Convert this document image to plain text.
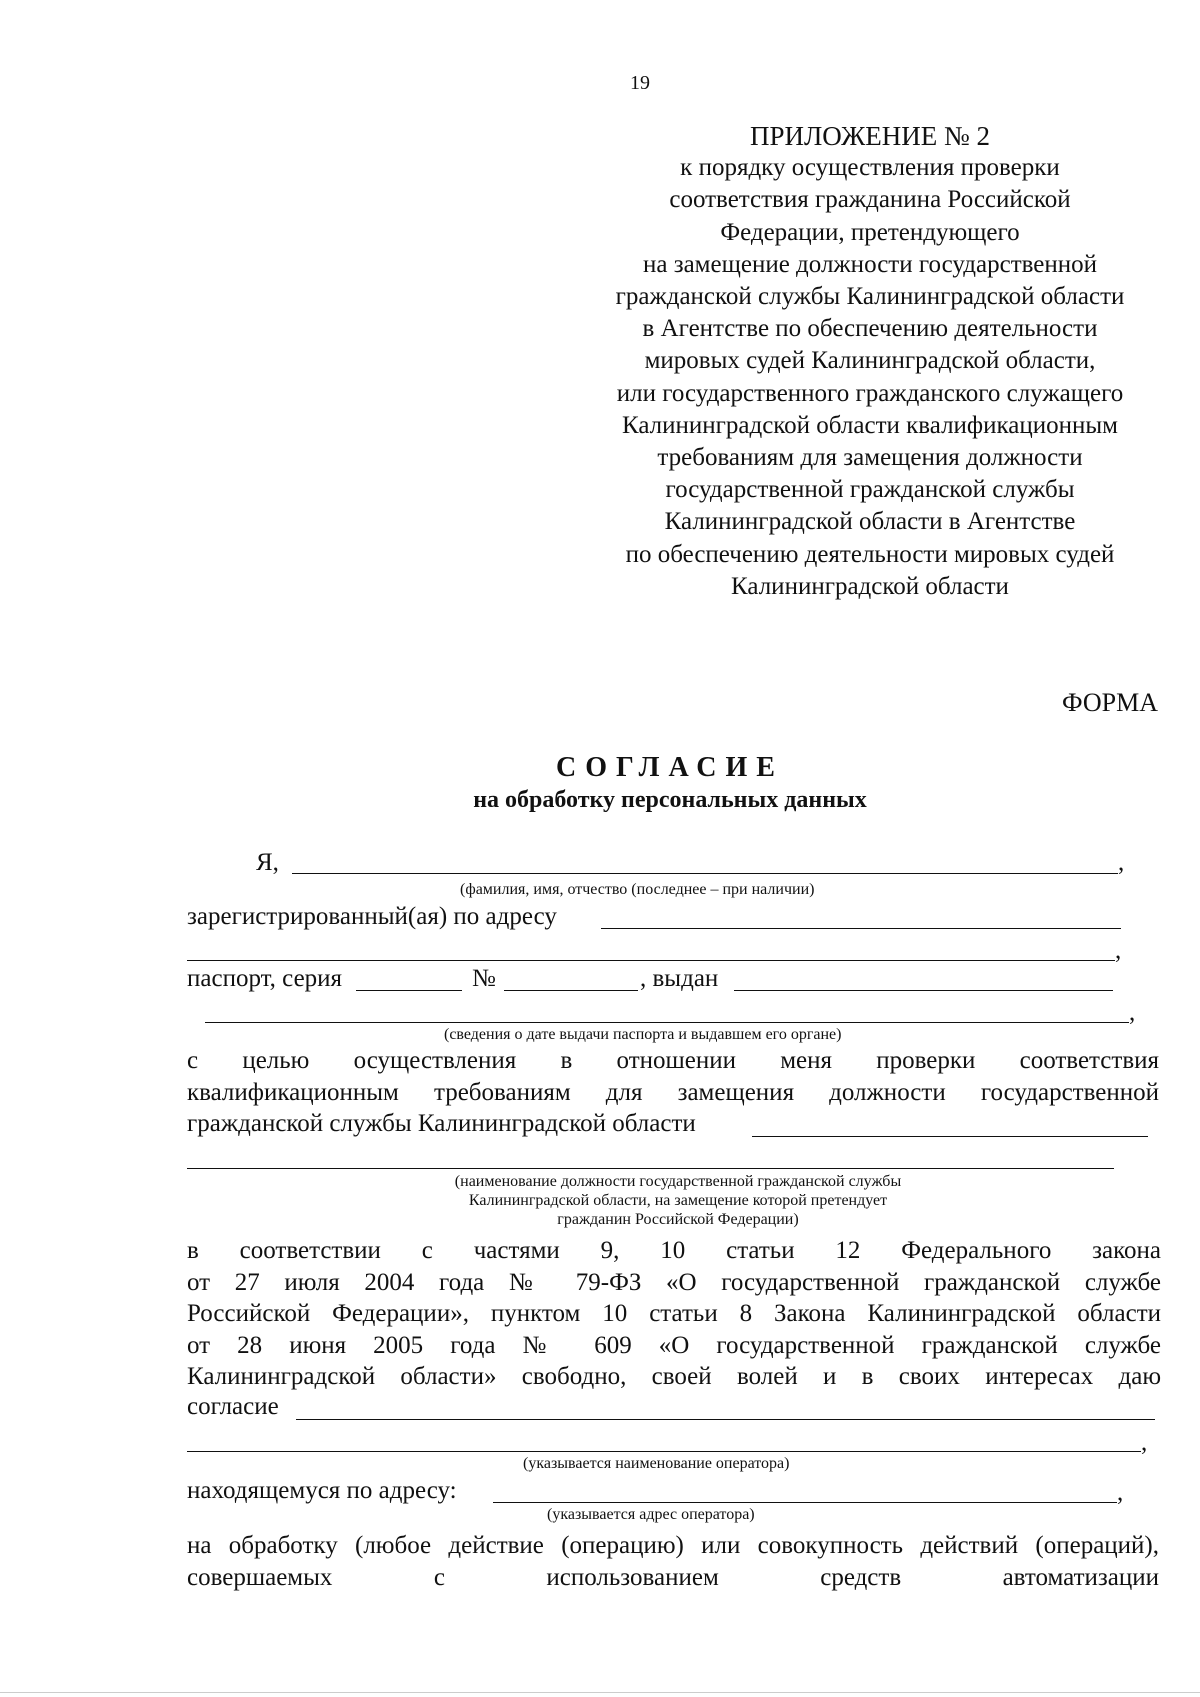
19
ПРИЛОЖЕНИЕ № 2
к порядку осуществления проверки
соответствия гражданина Российской
Федерации, претендующего
на замещение должности государственной
гражданской службы Калининградской области
в Агентстве по обеспечению деятельности
мировых судей Калининградской области,
или государственного гражданского служащего
Калининградской области квалификационным
требованиям для замещения должности
государственной гражданской службы
Калининградской области в Агентстве
по обеспечению деятельности мировых судей
Калининградской области
ФОРМА
СОГЛАСИЕ
на обработку персональных данных
Я,	,
(фамилия, имя, отчество (последнее – при наличии)
зарегистрированный(ая) по адресу
,
паспорт, серия	№	, выдан
,
(сведения о дате выдачи паспорта и выдавшем его органе)
с целью осуществления в отношении меня проверки соответствия
квалификационным требованиям для замещения должности государственной
гражданской службы Калининградской области
(наименование должности государственной гражданской службы
Калининградской области, на замещение которой претендует
гражданин Российской Федерации)
в соответствии с частями 9, 10 статьи 12 Федерального закона
от 27 июля 2004 года № 79-ФЗ «О государственной гражданской службе
Российской Федерации», пунктом 10 статьи 8 Закона Калининградской области
от 28 июня 2005 года № 609 «О государственной гражданской службе
Калининградской области» свободно, своей волей и в своих интересах даю
согласие
,
(указывается наименование оператора)
находящемуся по адресу:	,
(указывается адрес оператора)
на обработку (любое действие (операцию) или совокупность действий (операций),
совершаемых с использованием средств автоматизации
